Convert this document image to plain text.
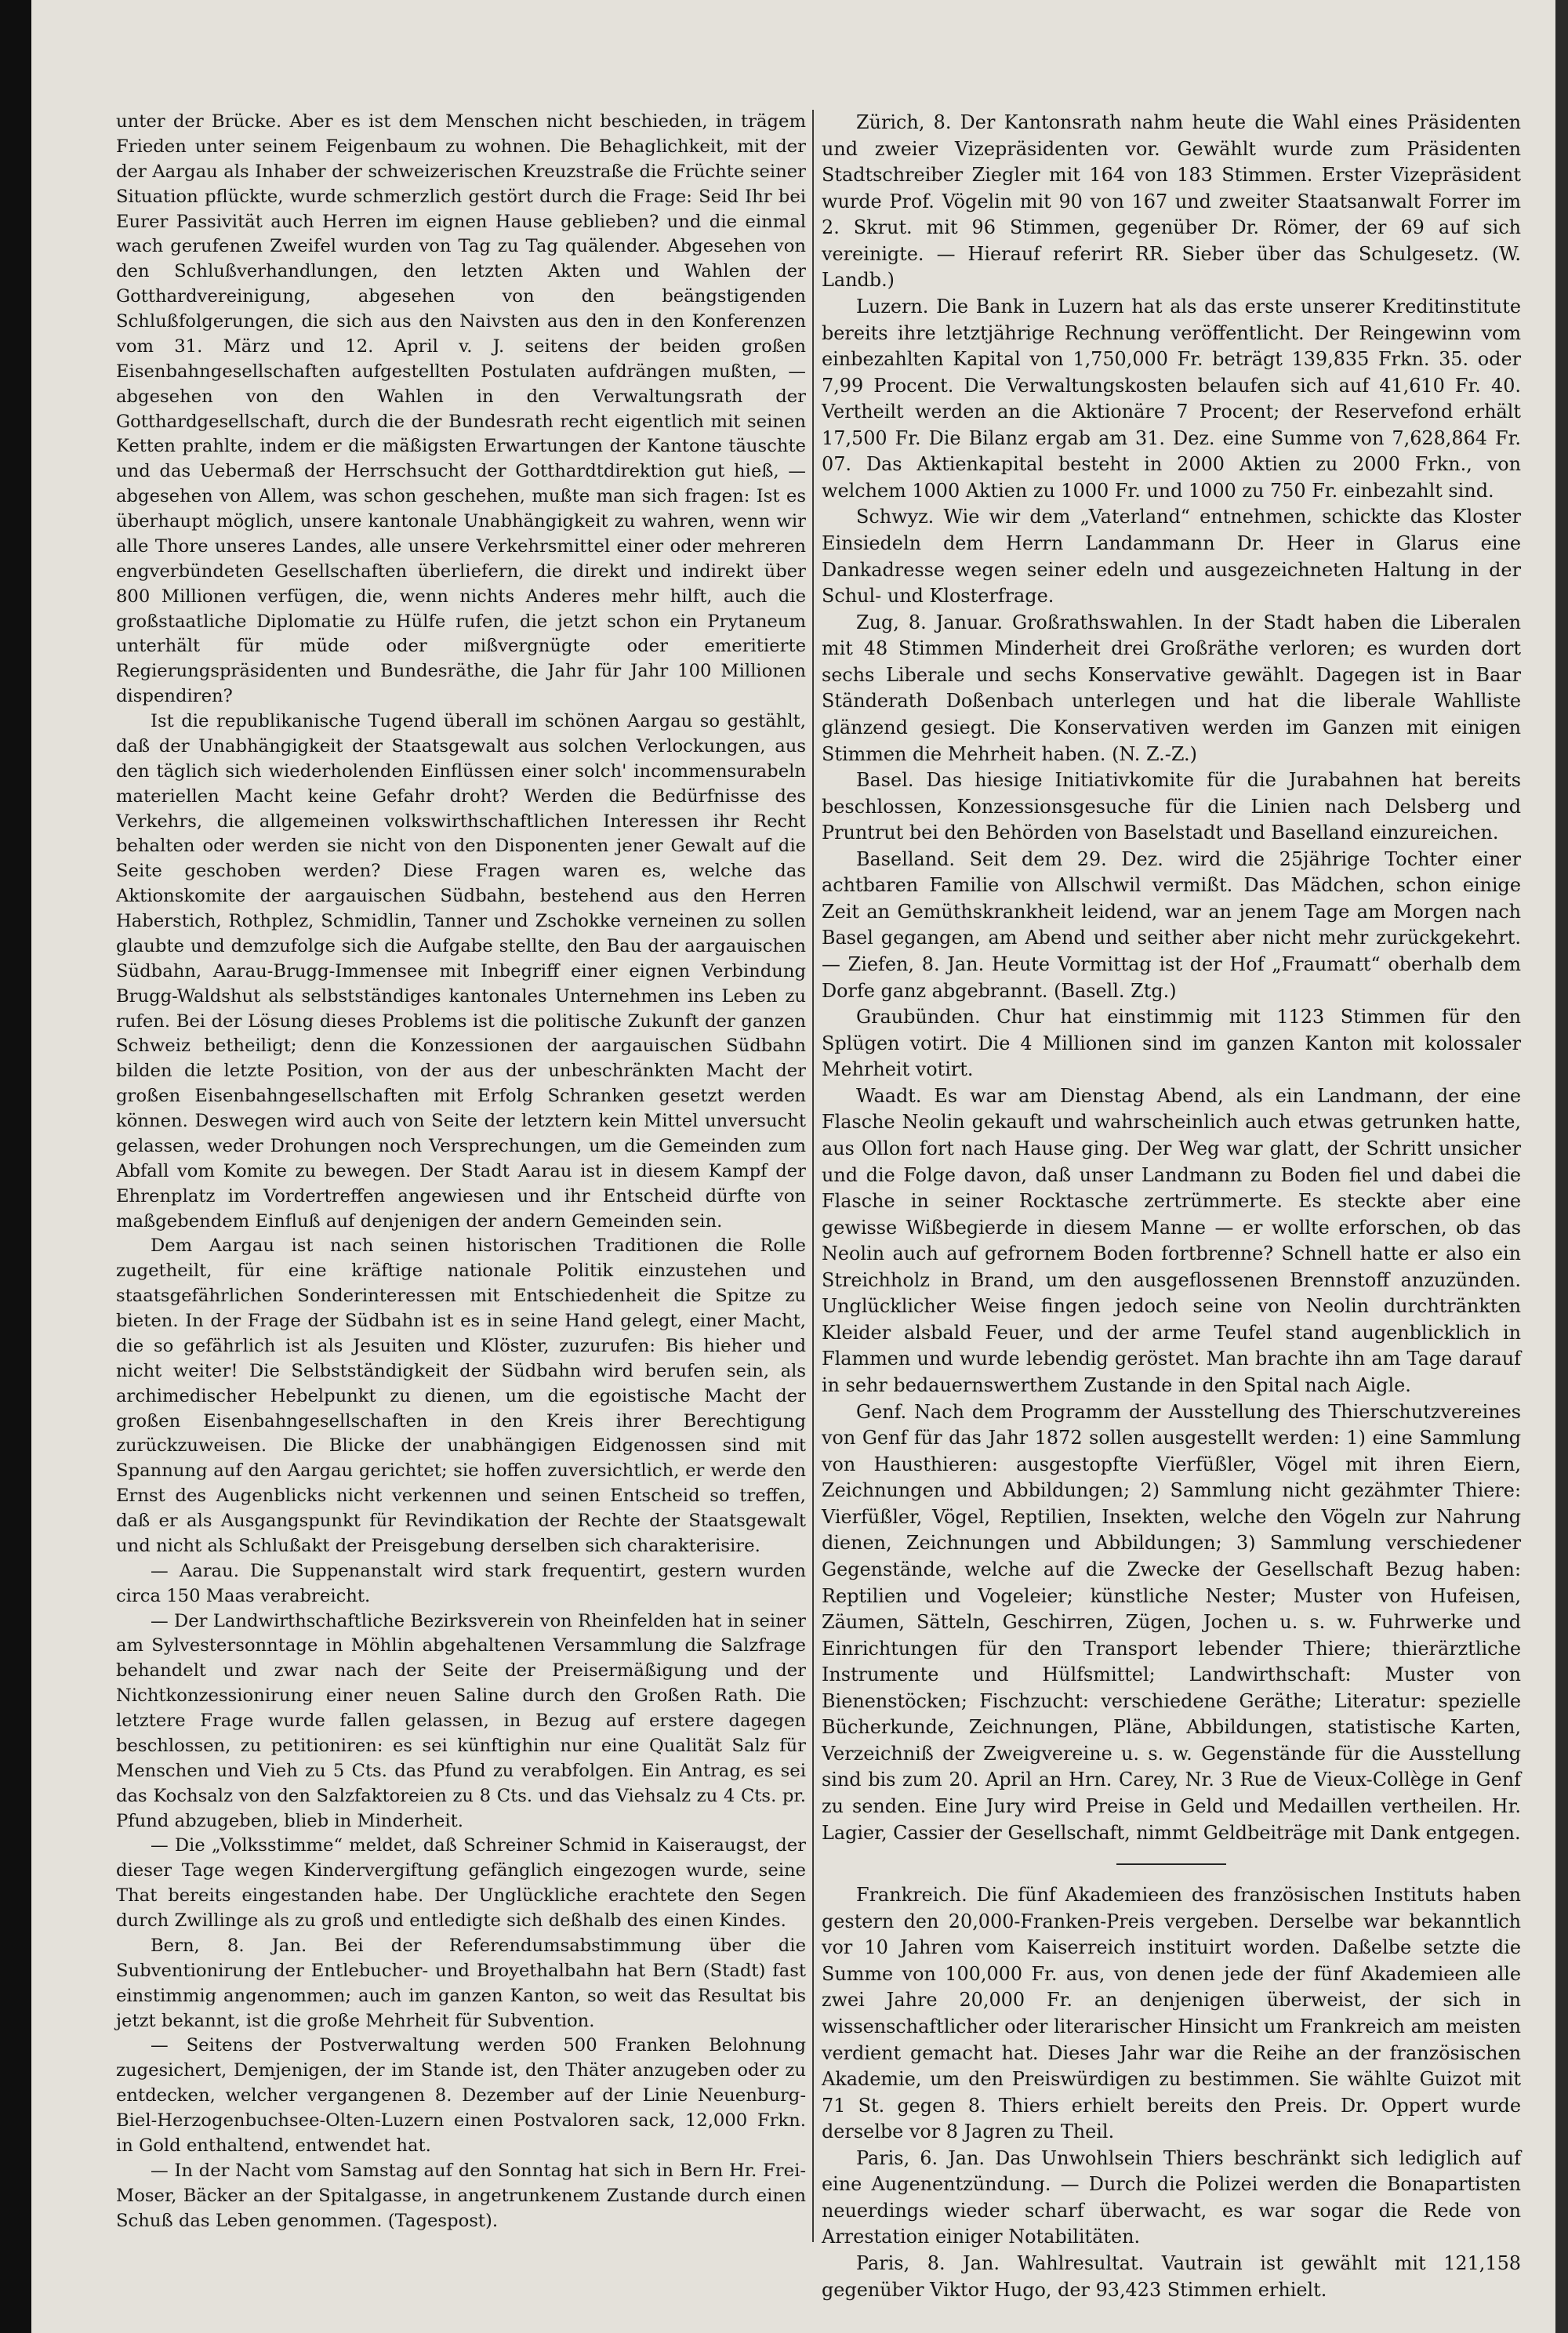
unter der Brücke. Aber es ist dem Menschen nicht beschieden, in trägem Frieden unter seinem Feigenbaum zu wohnen. Die Behaglichkeit, mit der der Aargau als Inhaber der schweizerischen Kreuzstraße die Früchte seiner Situation pflückte, wurde schmerzlich gestört durch die Frage: Seid Ihr bei Eurer Passivität auch Herren im eignen Hause geblieben? und die einmal wach gerufenen Zweifel wurden von Tag zu Tag quälender. Abgesehen von den Schlußverhandlungen, den letzten Akten und Wahlen der Gotthardvereinigung, abgesehen von den beängstigenden Schlußfolgerungen, die sich aus den Naivsten aus den in den Konferenzen vom 31. März und 12. April v. J. seitens der beiden großen Eisenbahngesellschaften aufgestellten Postulaten aufdrängen mußten, — abgesehen von den Wahlen in den Verwaltungsrath der Gotthardgesellschaft, durch die der Bundesrath recht eigentlich mit seinen Ketten prahlte, indem er die mäßigsten Erwartungen der Kantone täuschte und das Uebermaß der Herrschsucht der Gotthardtdirektion gut hieß, — abgesehen von Allem, was schon geschehen, mußte man sich fragen: Ist es überhaupt möglich, unsere kantonale Unabhängigkeit zu wahren, wenn wir alle Thore unseres Landes, alle unsere Verkehrsmittel einer oder mehreren engverbündeten Gesellschaften überliefern, die direkt und indirekt über 800 Millionen verfügen, die, wenn nichts Anderes mehr hilft, auch die großstaatliche Diplomatie zu Hülfe rufen, die jetzt schon ein Prytaneum unterhält für müde oder mißvergnügte oder emeritierte Regierungspräsidenten und Bundesräthe, die Jahr für Jahr 100 Millionen dispendiren?

Ist die republikanische Tugend überall im schönen Aargau so gestählt, daß der Unabhängigkeit der Staatsgewalt aus solchen Verlockungen, aus den täglich sich wiederholenden Einflüssen einer solch' incommensurabeln materiellen Macht keine Gefahr droht? Werden die Bedürfnisse des Verkehrs, die allgemeinen volkswirthschaftlichen Interessen ihr Recht behalten oder werden sie nicht von den Disponenten jener Gewalt auf die Seite geschoben werden? Diese Fragen waren es, welche das Aktionskomite der aargauischen Südbahn, bestehend aus den Herren Haberstich, Rothplez, Schmidlin, Tanner und Zschokke verneinen zu sollen glaubte und demzufolge sich die Aufgabe stellte, den Bau der aargauischen Südbahn, Aarau-Brugg-Immensee mit Inbegriff einer eignen Verbindung Brugg-Waldshut als selbstständiges kantonales Unternehmen ins Leben zu rufen. Bei der Lösung dieses Problems ist die politische Zukunft der ganzen Schweiz betheiligt; denn die Konzessionen der aargauischen Südbahn bilden die letzte Position, von der aus der unbeschränkten Macht der großen Eisenbahngesellschaften mit Erfolg Schranken gesetzt werden können. Deswegen wird auch von Seite der letztern kein Mittel unversucht gelassen, weder Drohungen noch Versprechungen, um die Gemeinden zum Abfall vom Komite zu bewegen. Der Stadt Aarau ist in diesem Kampf der Ehrenplatz im Vordertreffen angewiesen und ihr Entscheid dürfte von maßgebendem Einfluß auf denjenigen der andern Gemeinden sein.

Dem Aargau ist nach seinen historischen Traditionen die Rolle zugetheilt, für eine kräftige nationale Politik einzustehen und staatsgefährlichen Sonderinteressen mit Entschiedenheit die Spitze zu bieten. In der Frage der Südbahn ist es in seine Hand gelegt, einer Macht, die so gefährlich ist als Jesuiten und Klöster, zuzurufen: Bis hieher und nicht weiter! Die Selbstständigkeit der Südbahn wird berufen sein, als archimedischer Hebelpunkt zu dienen, um die egoistische Macht der großen Eisenbahngesellschaften in den Kreis ihrer Berechtigung zurückzuweisen. Die Blicke der unabhängigen Eidgenossen sind mit Spannung auf den Aargau gerichtet; sie hoffen zuversichtlich, er werde den Ernst des Augenblicks nicht verkennen und seinen Entscheid so treffen, daß er als Ausgangspunkt für Revindikation der Rechte der Staatsgewalt und nicht als Schlußakt der Preisgebung derselben sich charakterisire.

— Aarau. Die Suppenanstalt wird stark frequentirt, gestern wurden circa 150 Maas verabreicht.

— Der Landwirthschaftliche Bezirksverein von Rheinfelden hat in seiner am Sylvestersonntage in Möhlin abgehaltenen Versammlung die Salzfrage behandelt und zwar nach der Seite der Preisermäßigung und der Nichtkonzessionirung einer neuen Saline durch den Großen Rath. Die letztere Frage wurde fallen gelassen, in Bezug auf erstere dagegen beschlossen, zu petitioniren: es sei künftighin nur eine Qualität Salz für Menschen und Vieh zu 5 Cts. das Pfund zu verabfolgen. Ein Antrag, es sei das Kochsalz von den Salzfaktoreien zu 8 Cts. und das Viehsalz zu 4 Cts. pr. Pfund abzugeben, blieb in Minderheit.

— Die „Volksstimme“ meldet, daß Schreiner Schmid in Kaiseraugst, der dieser Tage wegen Kindervergiftung gefänglich eingezogen wurde, seine That bereits eingestanden habe. Der Unglückliche erachtete den Segen durch Zwillinge als zu groß und entledigte sich deßhalb des einen Kindes.

Bern, 8. Jan. Bei der Referendumsabstimmung über die Subventionirung der Entlebucher- und Broyethalbahn hat Bern (Stadt) fast einstimmig angenommen; auch im ganzen Kanton, so weit das Resultat bis jetzt bekannt, ist die große Mehrheit für Subvention.

— Seitens der Postverwaltung werden 500 Franken Belohnung zugesichert, Demjenigen, der im Stande ist, den Thäter anzugeben oder zu entdecken, welcher vergangenen 8. Dezember auf der Linie Neuenburg-Biel-Herzogenbuchsee-Olten-Luzern einen Postvaloren sack, 12,000 Frkn. in Gold enthaltend, entwendet hat.

— In der Nacht vom Samstag auf den Sonntag hat sich in Bern Hr. Frei-Moser, Bäcker an der Spitalgasse, in angetrunkenem Zustande durch einen Schuß das Leben genommen. (Tagespost).

Zürich, 8. Der Kantonsrath nahm heute die Wahl eines Präsidenten und zweier Vizepräsidenten vor. Gewählt wurde zum Präsidenten Stadtschreiber Ziegler mit 164 von 183 Stimmen. Erster Vizepräsident wurde Prof. Vögelin mit 90 von 167 und zweiter Staatsanwalt Forrer im 2. Skrut. mit 96 Stimmen, gegenüber Dr. Römer, der 69 auf sich vereinigte. — Hierauf referirt RR. Sieber über das Schulgesetz. (W. Landb.)

Luzern. Die Bank in Luzern hat als das erste unserer Kreditinstitute bereits ihre letztjährige Rechnung veröffentlicht. Der Reingewinn vom einbezahlten Kapital von 1,750,000 Fr. beträgt 139,835 Frkn. 35. oder 7,99 Procent. Die Verwaltungskosten belaufen sich auf 41,610 Fr. 40. Vertheilt werden an die Aktionäre 7 Procent; der Reservefond erhält 17,500 Fr. Die Bilanz ergab am 31. Dez. eine Summe von 7,628,864 Fr. 07. Das Aktienkapital besteht in 2000 Aktien zu 2000 Frkn., von welchem 1000 Aktien zu 1000 Fr. und 1000 zu 750 Fr. einbezahlt sind.

Schwyz. Wie wir dem „Vaterland“ entnehmen, schickte das Kloster Einsiedeln dem Herrn Landammann Dr. Heer in Glarus eine Dankadresse wegen seiner edeln und ausgezeichneten Haltung in der Schul- und Klosterfrage.

Zug, 8. Januar. Großrathswahlen. In der Stadt haben die Liberalen mit 48 Stimmen Minderheit drei Großräthe verloren; es wurden dort sechs Liberale und sechs Konservative gewählt. Dagegen ist in Baar Ständerath Doßenbach unterlegen und hat die liberale Wahlliste glänzend gesiegt. Die Konservativen werden im Ganzen mit einigen Stimmen die Mehrheit haben. (N. Z.-Z.)

Basel. Das hiesige Initiativkomite für die Jurabahnen hat bereits beschlossen, Konzessionsgesuche für die Linien nach Delsberg und Pruntrut bei den Behörden von Baselstadt und Baselland einzureichen.

Baselland. Seit dem 29. Dez. wird die 25jährige Tochter einer achtbaren Familie von Allschwil vermißt. Das Mädchen, schon einige Zeit an Gemüthskrankheit leidend, war an jenem Tage am Morgen nach Basel gegangen, am Abend und seither aber nicht mehr zurückgekehrt. — Ziefen, 8. Jan. Heute Vormittag ist der Hof „Fraumatt“ oberhalb dem Dorfe ganz abgebrannt. (Basell. Ztg.)

Graubünden. Chur hat einstimmig mit 1123 Stimmen für den Splügen votirt. Die 4 Millionen sind im ganzen Kanton mit kolossaler Mehrheit votirt.

Waadt. Es war am Dienstag Abend, als ein Landmann, der eine Flasche Neolin gekauft und wahrscheinlich auch etwas getrunken hatte, aus Ollon fort nach Hause ging. Der Weg war glatt, der Schritt unsicher und die Folge davon, daß unser Landmann zu Boden fiel und dabei die Flasche in seiner Rocktasche zertrümmerte. Es steckte aber eine gewisse Wißbegierde in diesem Manne — er wollte erforschen, ob das Neolin auch auf gefrornem Boden fortbrenne? Schnell hatte er also ein Streichholz in Brand, um den ausgeflossenen Brennstoff anzuzünden. Unglücklicher Weise fingen jedoch seine von Neolin durchtränkten Kleider alsbald Feuer, und der arme Teufel stand augenblicklich in Flammen und wurde lebendig geröstet. Man brachte ihn am Tage darauf in sehr bedauernswerthem Zustande in den Spital nach Aigle.

Genf. Nach dem Programm der Ausstellung des Thierschutzvereines von Genf für das Jahr 1872 sollen ausgestellt werden: 1) eine Sammlung von Hausthieren: ausgestopfte Vierfüßler, Vögel mit ihren Eiern, Zeichnungen und Abbildungen; 2) Sammlung nicht gezähmter Thiere: Vierfüßler, Vögel, Reptilien, Insekten, welche den Vögeln zur Nahrung dienen, Zeichnungen und Abbildungen; 3) Sammlung verschiedener Gegenstände, welche auf die Zwecke der Gesellschaft Bezug haben: Reptilien und Vogeleier; künstliche Nester; Muster von Hufeisen, Zäumen, Sätteln, Geschirren, Zügen, Jochen u. s. w. Fuhrwerke und Einrichtungen für den Transport lebender Thiere; thierärztliche Instrumente und Hülfsmittel; Landwirthschaft: Muster von Bienenstöcken; Fischzucht: verschiedene Geräthe; Literatur: spezielle Bücherkunde, Zeichnungen, Pläne, Abbildungen, statistische Karten, Verzeichniß der Zweigvereine u. s. w. Gegenstände für die Ausstellung sind bis zum 20. April an Hrn. Carey, Nr. 3 Rue de Vieux-Collège in Genf zu senden. Eine Jury wird Preise in Geld und Medaillen vertheilen. Hr. Lagier, Cassier der Gesellschaft, nimmt Geldbeiträge mit Dank entgegen.

Frankreich. Die fünf Akademieen des französischen Instituts haben gestern den 20,000-Franken-Preis vergeben. Derselbe war bekanntlich vor 10 Jahren vom Kaiserreich instituirt worden. Daßelbe setzte die Summe von 100,000 Fr. aus, von denen jede der fünf Akademieen alle zwei Jahre 20,000 Fr. an denjenigen überweist, der sich in wissenschaftlicher oder literarischer Hinsicht um Frankreich am meisten verdient gemacht hat. Dieses Jahr war die Reihe an der französischen Akademie, um den Preiswürdigen zu bestimmen. Sie wählte Guizot mit 71 St. gegen 8. Thiers erhielt bereits den Preis. Dr. Oppert wurde derselbe vor 8 Jagren zu Theil.

Paris, 6. Jan. Das Unwohlsein Thiers beschränkt sich lediglich auf eine Augenentzündung. — Durch die Polizei werden die Bonapartisten neuerdings wieder scharf überwacht, es war sogar die Rede von Arrestation einiger Notabilitäten.

Paris, 8. Jan. Wahlresultat. Vautrain ist gewählt mit 121,158 gegenüber Viktor Hugo, der 93,423 Stimmen erhielt.
